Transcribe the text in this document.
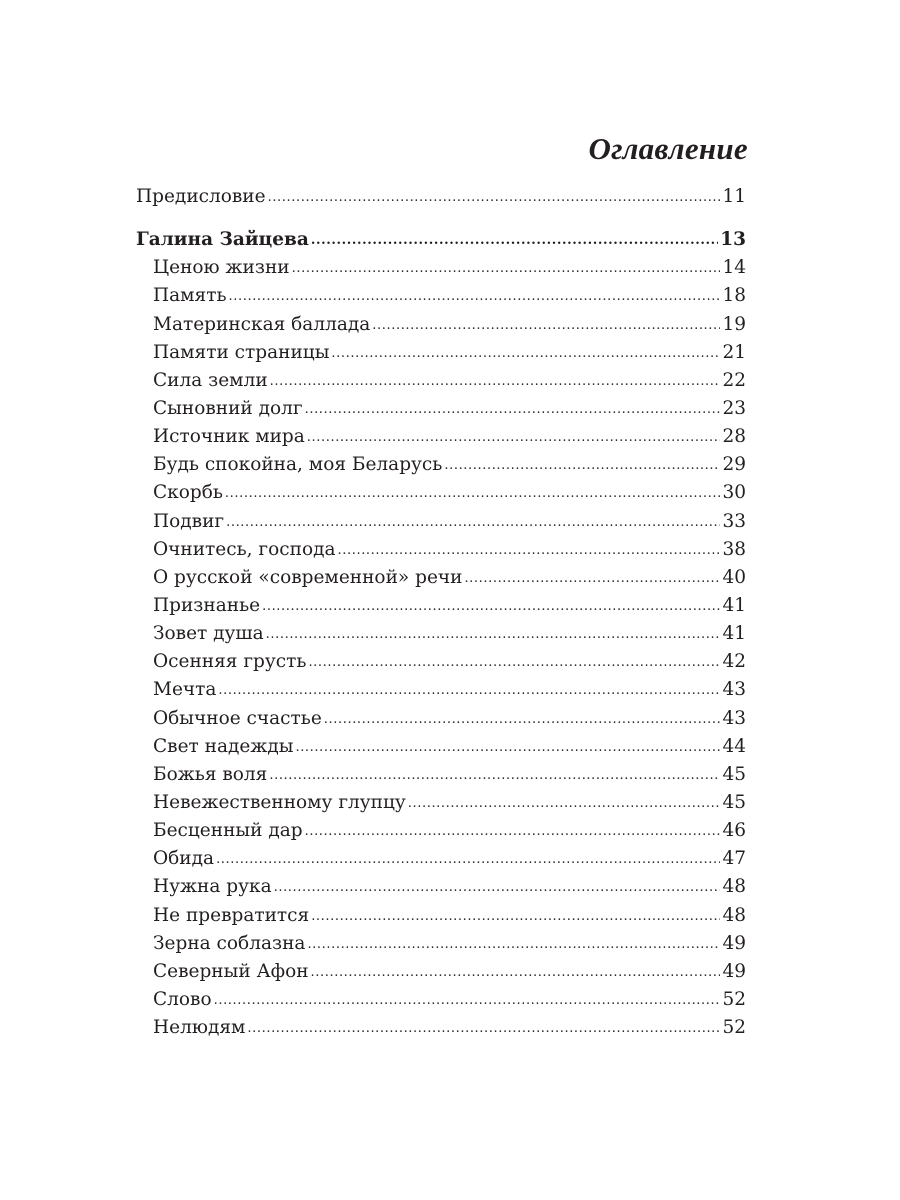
Оглавление
Предисловие .....	11
Галина Зайцева .....	13
Ценою жизни .....	14
Память .....	18
Материнская баллада .....	19
Памяти страницы .....	21
Сила земли .....	22
Сыновний долг .....	23
Источник мира .....	28
Будь спокойна, моя Беларусь .....	29
Скорбь .....	30
Подвиг .....	33
Очнитесь, господа .....	38
О русской «современной» речи .....	40
Признанье .....	41
Зовет душа .....	41
Осенняя грусть .....	42
Мечта .....	43
Обычное счастье .....	43
Свет надежды .....	44
Божья воля .....	45
Невежественному глупцу .....	45
Бесценный дар .....	46
Обида .....	47
Нужна рука .....	48
Не превратится .....	48
Зерна соблазна .....	49
Северный Афон .....	49
Слово .....	52
Нелюдям .....	52
